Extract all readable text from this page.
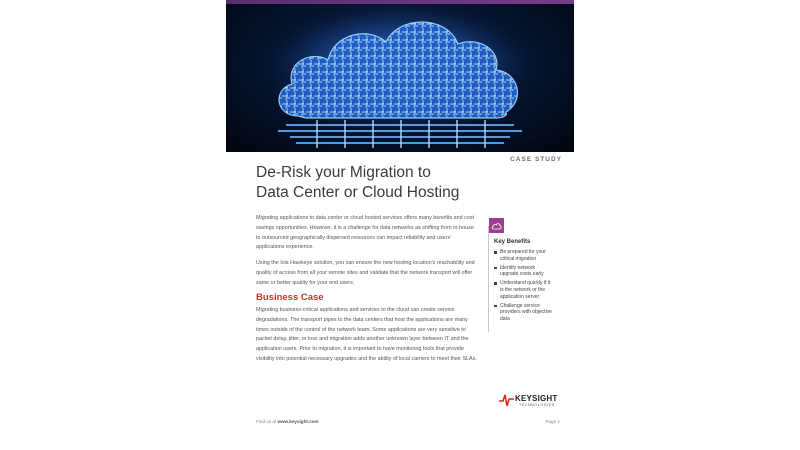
CASE STUDY
De-Risk your Migration to
Data Center or Cloud Hosting

Migrating applications to data center or cloud hosted services offers many benefits and cost savings opportunities. However, it is a challenge for data networks as shifting from in-house to outsourced geographically dispersed resources can impact reliability and users' applications experience.

Using the Ixia Hawkeye solution, you can ensure the new hosting location's reachability and quality of access from all your remote sites and validate that the network transport will offer same or better quality for your end users.

Business Case

Migrating business-critical applications and services to the cloud can create service degradations. The transport pipes to the data centers that host the applications are many times outside of the control of the network team. Some applications are very sensitive to packet delay, jitter, or loss and migration adds another unknown layer between IT and the application users. Prior to migration, it is important to have monitoring tools that provide visibility into potential necessary upgrades and the ability of local carriers to meet their SLAs.

Key Benefits
Be prepared for your critical migration
Identify network upgrade costs early
Understand quickly if it is the network or the application server
Challenge service providers with objective data
KEYSIGHT
TECHNOLOGIES
Find us at www.keysight.com	Page 1
